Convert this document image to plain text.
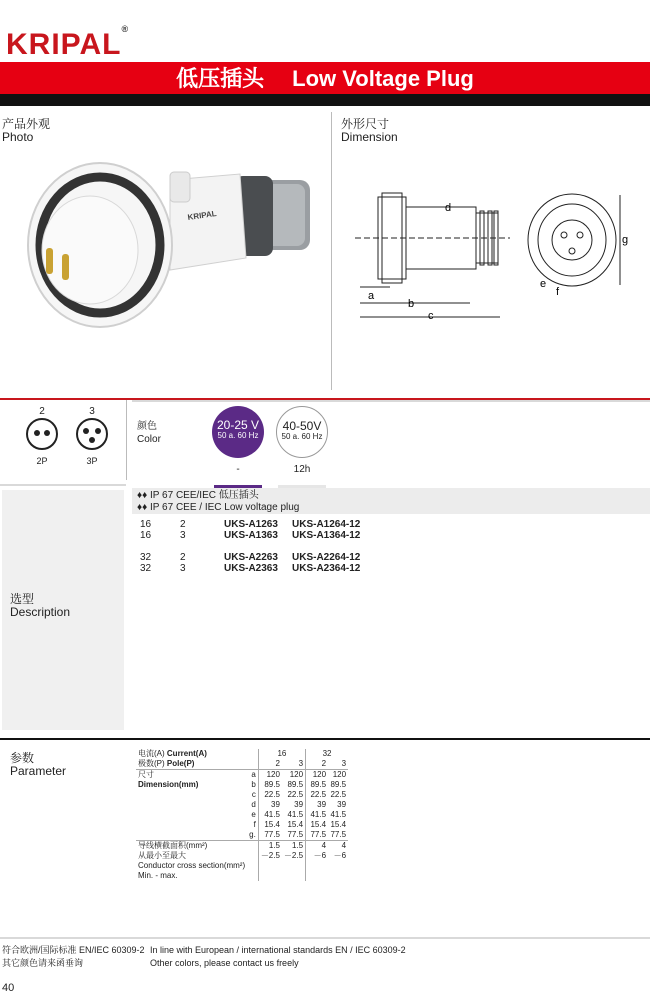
KRIPAL®
低压插头 Low Voltage Plug
产品外观
Photo
外形尺寸
Dimension
KRIPAL
d
a
b
c
e
f
g
2
2P
3
3P
颜色
Color
20-25 V
50 a. 60 Hz
40-50V
50 a. 60 Hz
-	12h
选型
Description
♦♦ IP 67 CEE/IEC 低压插头
♦♦ IP 67 CEE / IEC Low voltage plug
16	2	UKS-A1263	UKS-A1264-12
16	3	UKS-A1363	UKS-A1364-12

32	2	UKS-A2263	UKS-A2264-12
32	3	UKS-A2363	UKS-A2364-12
参数
Parameter
电流(A) Current(A)		16		32	
极数(P) Pole(P)		2	3	2	3
尺寸	a	120	120	120	120
Dimension(mm)	b	89.5	89.5	89.5	89.5
	c	22.5	22.5	22.5	22.5
	d	39	39	39	39
	e	41.5	41.5	41.5	41.5
	f	15.4	15.4	15.4	15.4
	g.	77.5	77.5	77.5	77.5
导线横截面积(mm²)		1.5	1.5	4	4
从最小至最大		－2.5	－2.5	－6	－6
Conductor cross section(mm²)					
Min. - max.					
符合欧洲/国际标准 EN/IEC 60309-2
其它颜色请来函垂询
In line with European / international standards EN / IEC 60309-2
Other colors, please contact us freely
40
